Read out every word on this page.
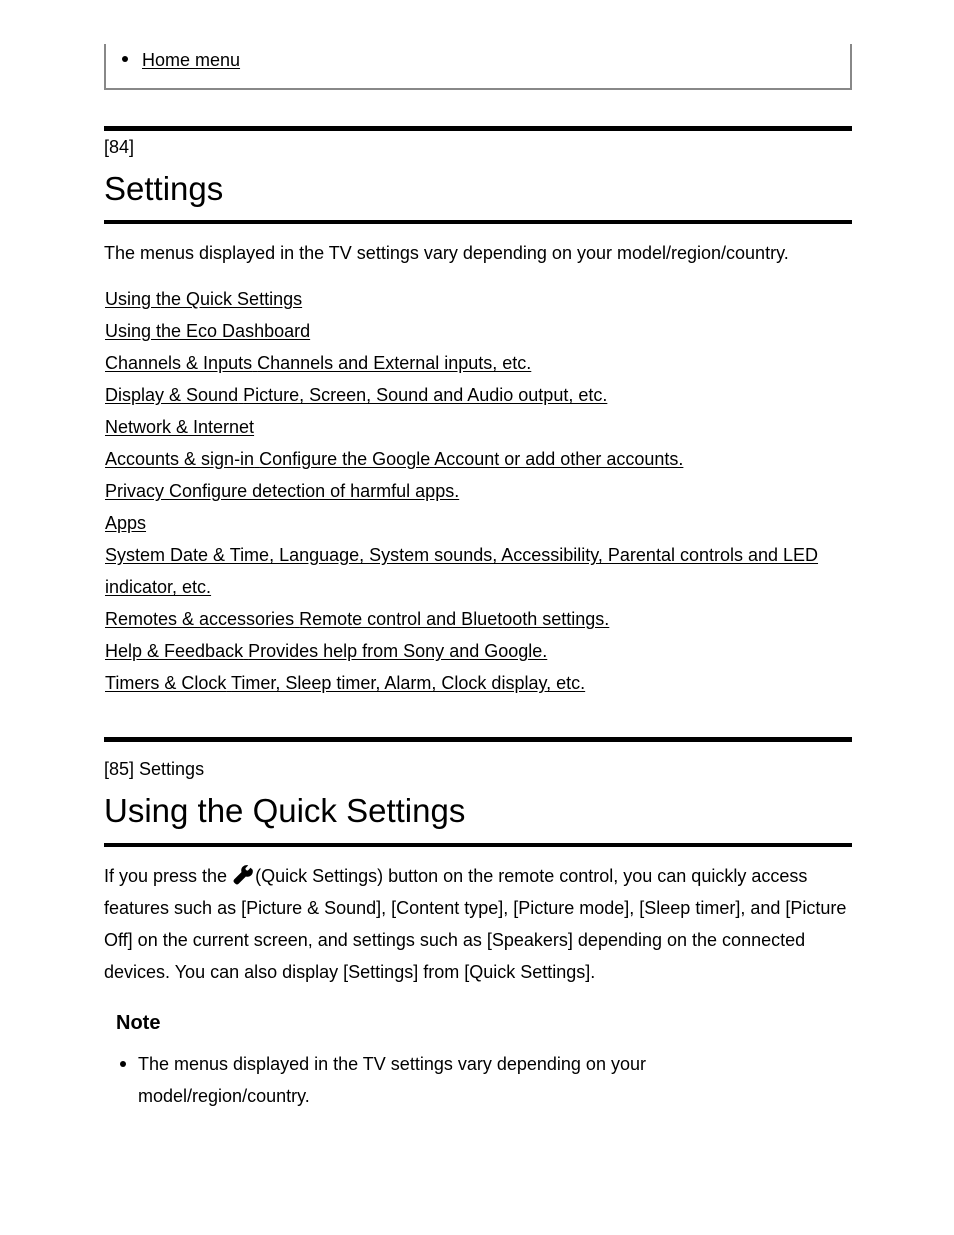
Home menu
[84]
Settings

The menus displayed in the TV settings vary depending on your model/region/country.

Using the Quick Settings
Using the Eco Dashboard
Channels & Inputs Channels and External inputs, etc.
Display & Sound Picture, Screen, Sound and Audio output, etc.
Network & Internet
Accounts & sign-in Configure the Google Account or add other accounts.
Privacy Configure detection of harmful apps.
Apps
System Date & Time, Language, System sounds, Accessibility, Parental controls and LED indicator, etc.
Remotes & accessories Remote control and Bluetooth settings.
Help & Feedback Provides help from Sony and Google.
Timers & Clock Timer, Sleep timer, Alarm, Clock display, etc.
[85] Settings
Using the Quick Settings

If you press the (Quick Settings) button on the remote control, you can quickly access features such as [Picture & Sound], [Content type], [Picture mode], [Sleep timer], and [Picture Off] on the current screen, and settings such as [Speakers] depending on the connected devices. You can also display [Settings] from [Quick Settings].

Note
The menus displayed in the TV settings vary depending on your model/region/country.
